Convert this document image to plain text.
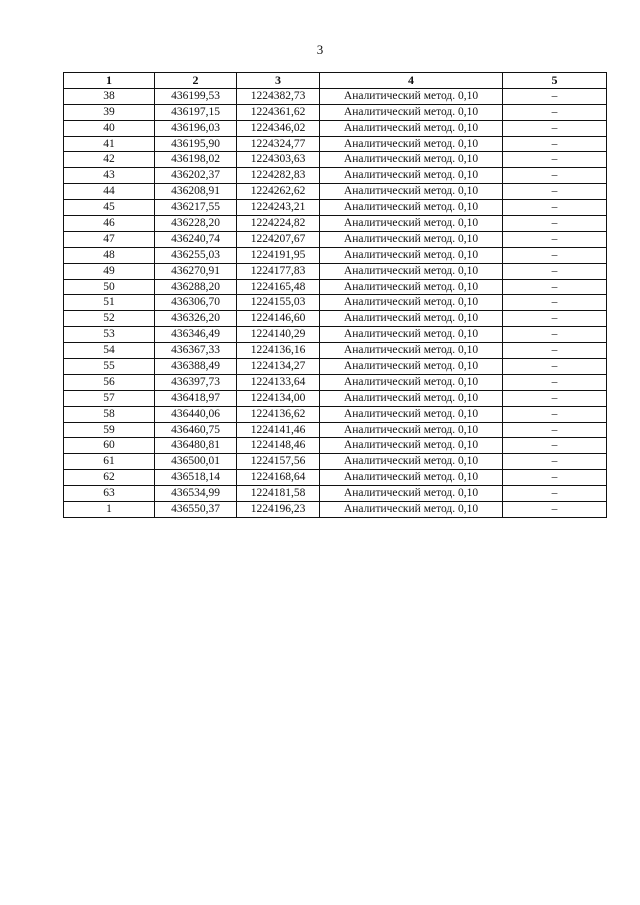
3
1	2	3	4	5
38	436199,53	1224382,73	Аналитический метод. 0,10	–
39	436197,15	1224361,62	Аналитический метод. 0,10	–
40	436196,03	1224346,02	Аналитический метод. 0,10	–
41	436195,90	1224324,77	Аналитический метод. 0,10	–
42	436198,02	1224303,63	Аналитический метод. 0,10	–
43	436202,37	1224282,83	Аналитический метод. 0,10	–
44	436208,91	1224262,62	Аналитический метод. 0,10	–
45	436217,55	1224243,21	Аналитический метод. 0,10	–
46	436228,20	1224224,82	Аналитический метод. 0,10	–
47	436240,74	1224207,67	Аналитический метод. 0,10	–
48	436255,03	1224191,95	Аналитический метод. 0,10	–
49	436270,91	1224177,83	Аналитический метод. 0,10	–
50	436288,20	1224165,48	Аналитический метод. 0,10	–
51	436306,70	1224155,03	Аналитический метод. 0,10	–
52	436326,20	1224146,60	Аналитический метод. 0,10	–
53	436346,49	1224140,29	Аналитический метод. 0,10	–
54	436367,33	1224136,16	Аналитический метод. 0,10	–
55	436388,49	1224134,27	Аналитический метод. 0,10	–
56	436397,73	1224133,64	Аналитический метод. 0,10	–
57	436418,97	1224134,00	Аналитический метод. 0,10	–
58	436440,06	1224136,62	Аналитический метод. 0,10	–
59	436460,75	1224141,46	Аналитический метод. 0,10	–
60	436480,81	1224148,46	Аналитический метод. 0,10	–
61	436500,01	1224157,56	Аналитический метод. 0,10	–
62	436518,14	1224168,64	Аналитический метод. 0,10	–
63	436534,99	1224181,58	Аналитический метод. 0,10	–
1	436550,37	1224196,23	Аналитический метод. 0,10	–
